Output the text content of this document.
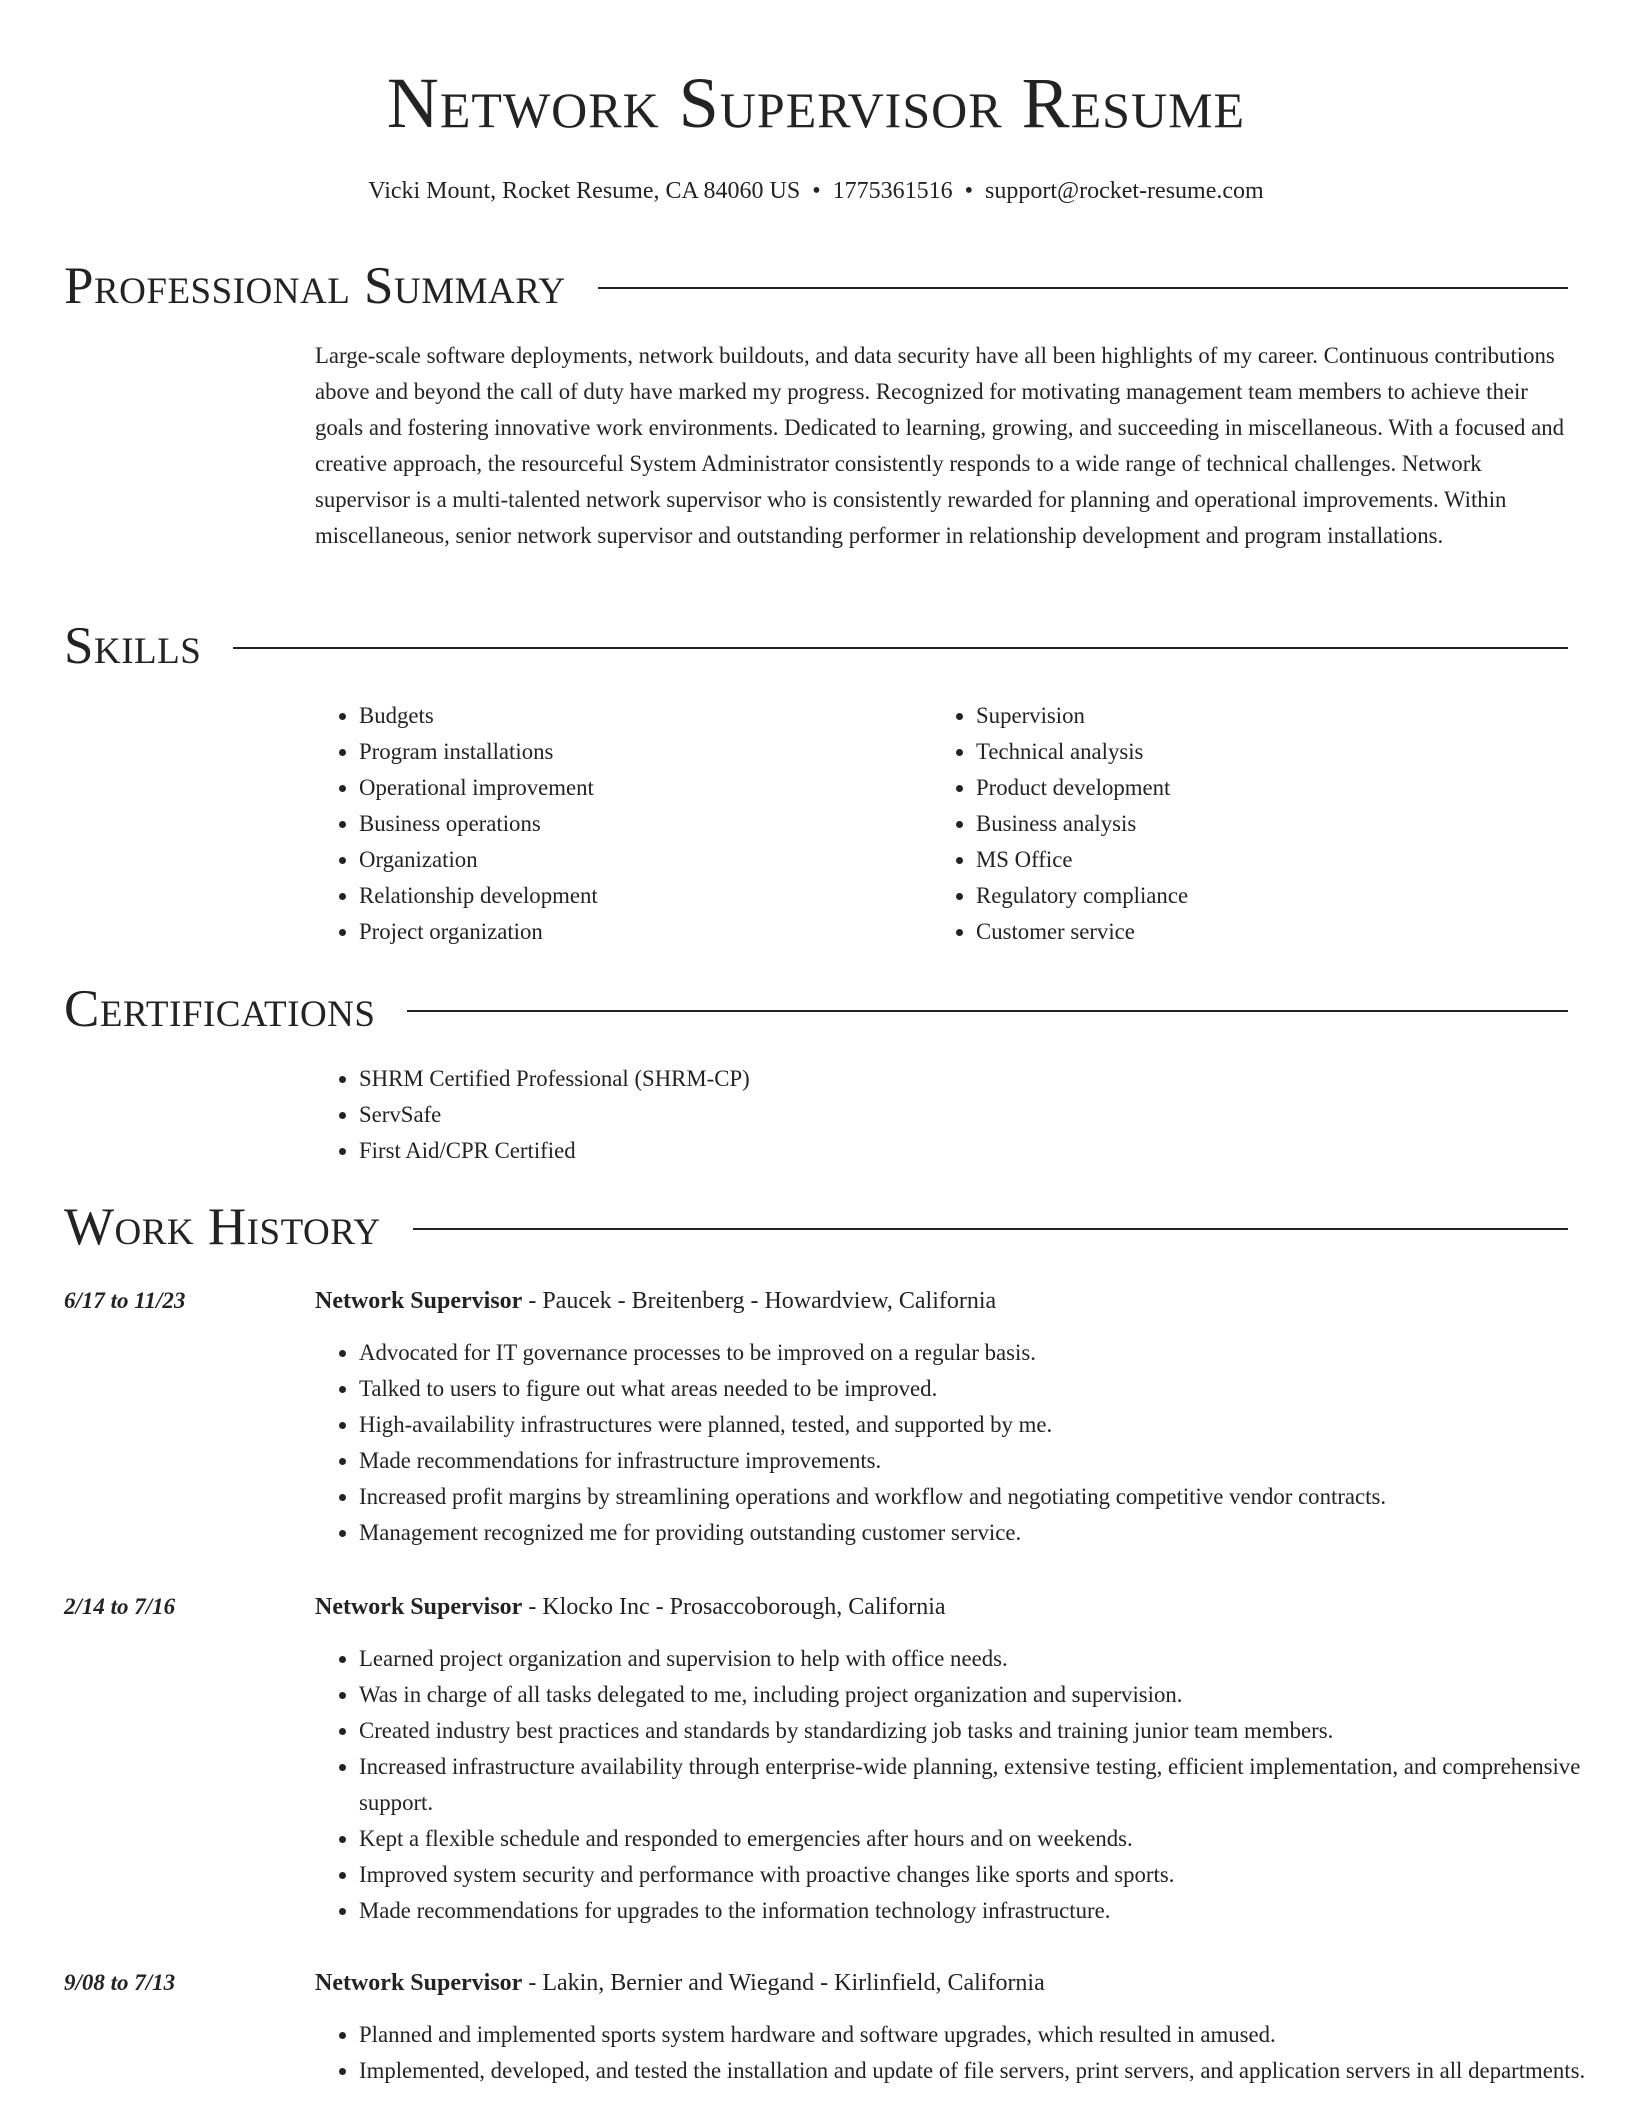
Network Supervisor Resume
Vicki Mount, Rocket Resume, CA 84060 US • 1775361516 • support@rocket-resume.com
Professional Summary

Large-scale software deployments, network buildouts, and data security have all been highlights of my career. Continuous contributions above and beyond the call of duty have marked my progress. Recognized for motivating management team members to achieve their goals and fostering innovative work environments. Dedicated to learning, growing, and succeeding in miscellaneous. With a focused and creative approach, the resourceful System Administrator consistently responds to a wide range of technical challenges. Network supervisor is a multi-talented network supervisor who is consistently rewarded for planning and operational improvements. Within miscellaneous, senior network supervisor and outstanding performer in relationship development and program installations.

Skills
• Budgets
• Program installations
• Operational improvement
• Business operations
• Organization
• Relationship development
• Project organization
• Supervision
• Technical analysis
• Product development
• Business analysis
• MS Office
• Regulatory compliance
• Customer service
Certifications
• SHRM Certified Professional (SHRM-CP)
• ServSafe
• First Aid/CPR Certified
Work History
6/17 to 11/23	Network Supervisor - Paucek - Breitenberg - Howardview, California
• Advocated for IT governance processes to be improved on a regular basis.
• Talked to users to figure out what areas needed to be improved.
• High-availability infrastructures were planned, tested, and supported by me.
• Made recommendations for infrastructure improvements.
• Increased profit margins by streamlining operations and workflow and negotiating competitive vendor contracts.
• Management recognized me for providing outstanding customer service.
2/14 to 7/16	Network Supervisor - Klocko Inc - Prosaccoborough, California
• Learned project organization and supervision to help with office needs.
• Was in charge of all tasks delegated to me, including project organization and supervision.
• Created industry best practices and standards by standardizing job tasks and training junior team members.
• Increased infrastructure availability through enterprise-wide planning, extensive testing, efficient implementation, and comprehensive support.
• Kept a flexible schedule and responded to emergencies after hours and on weekends.
• Improved system security and performance with proactive changes like sports and sports.
• Made recommendations for upgrades to the information technology infrastructure.
9/08 to 7/13	Network Supervisor - Lakin, Bernier and Wiegand - Kirlinfield, California
• Planned and implemented sports system hardware and software upgrades, which resulted in amused.
• Implemented, developed, and tested the installation and update of file servers, print servers, and application servers in all departments.
